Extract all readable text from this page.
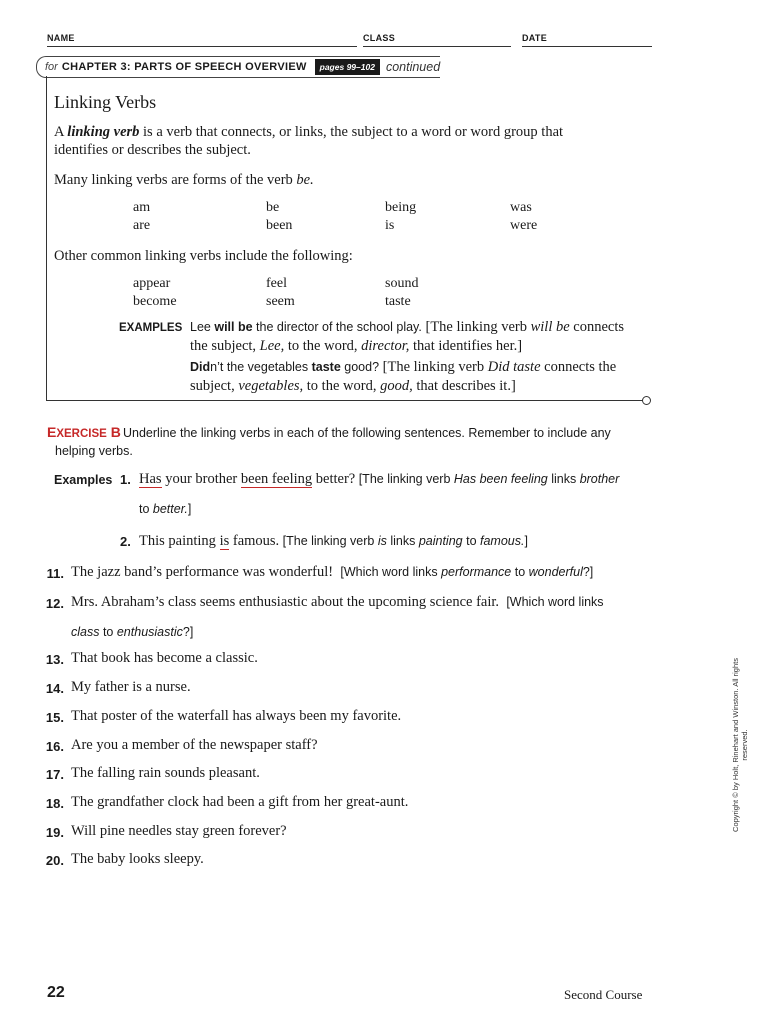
NAME	CLASS	DATE
for CHAPTER 3: PARTS OF SPEECH OVERVIEW	pages 99–102 continued
Linking Verbs
A linking verb is a verb that connects, or links, the subject to a word or word group that
identifies or describes the subject.
Many linking verbs are forms of the verb be.
am	be	being	was
are	been	is	were
Other common linking verbs include the following:
appear	feel	sound
become	seem	taste
EXAMPLES Lee will be the director of the school play. [The linking verb will be connects
the subject, Lee, to the word, director, that identifies her.]
Didn’t the vegetables taste good? [The linking verb Did taste connects the
subject, vegetables, to the word, good, that describes it.]
EXERCISE B Underline the linking verbs in each of the following sentences. Remember to include any
helping verbs.
Examples 1. Has your brother been feeling better? [The linking verb Has been feeling links brother
to better.]
2. This painting is famous. [The linking verb is links painting to famous.]
11. The jazz band’s performance was wonderful! [Which word links performance to wonderful?]
12. Mrs. Abraham’s class seems enthusiastic about the upcoming science fair. [Which word links
class to enthusiastic?]
13. That book has become a classic.
14. My father is a nurse.
15. That poster of the waterfall has always been my favorite.
16. Are you a member of the newspaper staff?
17. The falling rain sounds pleasant.
18. The grandfather clock had been a gift from her great-aunt.
19. Will pine needles stay green forever?
20. The baby looks sleepy.
Copyright © by Holt, Rinehart and Winston. All rights reserved.
22	Second Course
